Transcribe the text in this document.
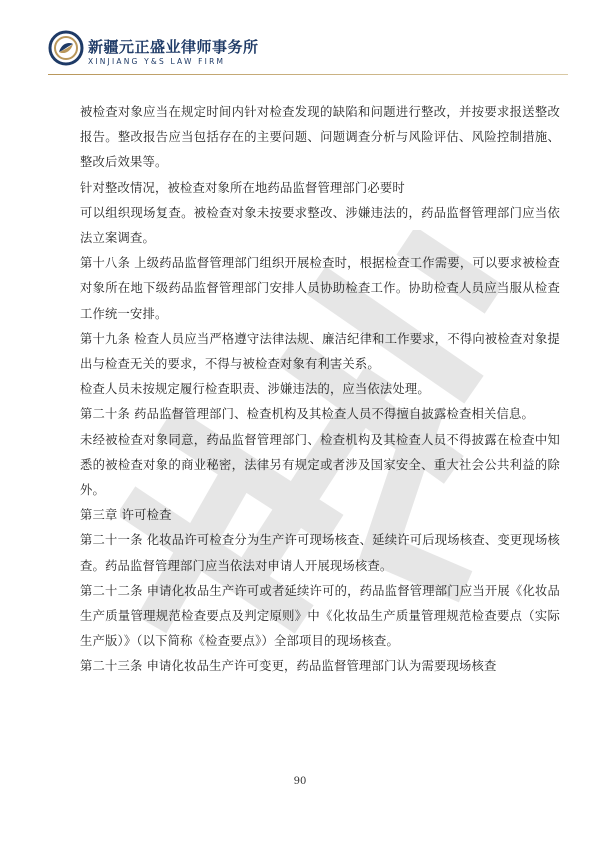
新疆元正盛业律师事务所
XINJIANG Y&S LAW FIRM

被检查对象应当在规定时间内针对检查发现的缺陷和问题进行整改，并按要求报送整改报告。整改报告应当包括存在的主要问题、问题调查分析与风险评估、风险控制措施、整改后效果等。

针对整改情况，被检查对象所在地药品监督管理部门必要时

可以组织现场复查。被检查对象未按要求整改、涉嫌违法的，药品监督管理部门应当依法立案调查。

第十八条 上级药品监督管理部门组织开展检查时，根据检查工作需要，可以要求被检查对象所在地下级药品监督管理部门安排人员协助检查工作。协助检查人员应当服从检查工作统一安排。

第十九条 检查人员应当严格遵守法律法规、廉洁纪律和工作要求，不得向被检查对象提出与检查无关的要求，不得与被检查对象有利害关系。

检查人员未按规定履行检查职责、涉嫌违法的，应当依法处理。

第二十条 药品监督管理部门、检查机构及其检查人员不得擅自披露检查相关信息。

未经被检查对象同意，药品监督管理部门、检查机构及其检查人员不得披露在检查中知悉的被检查对象的商业秘密，法律另有规定或者涉及国家安全、重大社会公共利益的除外。

第三章 许可检查

第二十一条 化妆品许可检查分为生产许可现场核查、延续许可后现场核查、变更现场核查。药品监督管理部门应当依法对申请人开展现场核查。

第二十二条 申请化妆品生产许可或者延续许可的，药品监督管理部门应当开展《化妆品生产质量管理规范检查要点及判定原则》中《化妆品生产质量管理规范检查要点（实际生产版）》（以下简称《检查要点》）全部项目的现场核查。

第二十三条 申请化妆品生产许可变更，药品监督管理部门认为需要现场核查

90
